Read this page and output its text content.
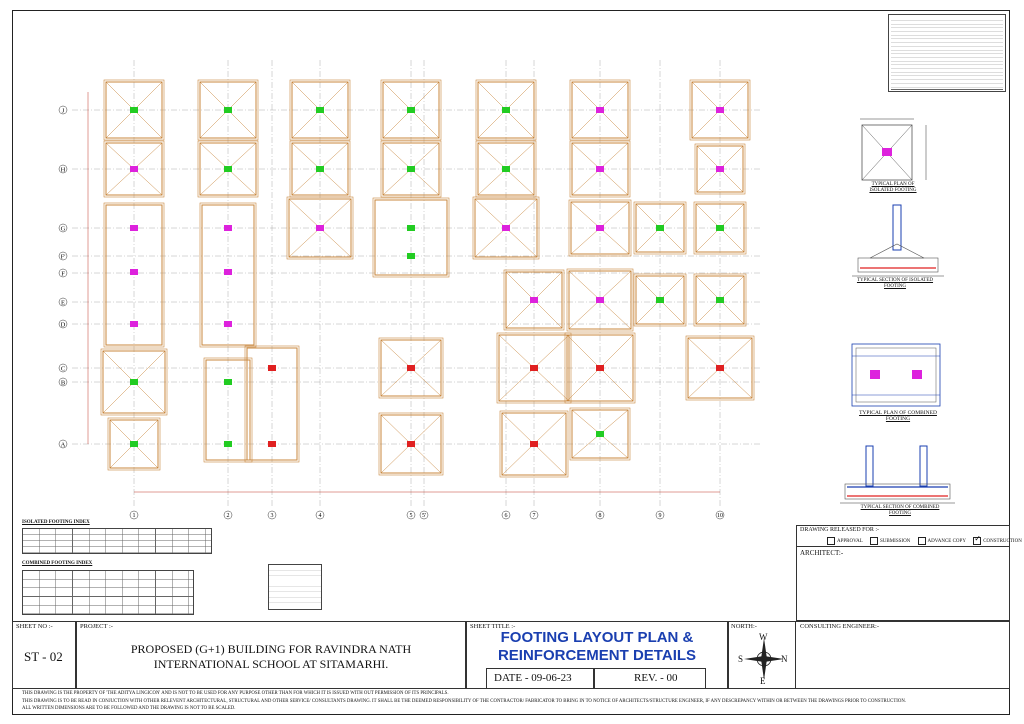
J
H
G
F'
F
E
D
C
B
A
1	2	3	4	5 5'	6	7	8	9	10
TYPICAL PLAN OF ISOLATED FOOTING
TYPICAL SECTION OF ISOLATED FOOTING
TYPICAL PLAN OF COMBINED FOOTING
TYPICAL SECTION OF COMBINED FOOTING
ISOLATED FOOTING INDEX
COMBINED FOOTING INDEX
DRAWING RELEASED FOR :-
APPROVAL	SUBMISSION	ADVANCE COPY ✓ CONSTRUCTION
ARCHITECT:-
SHEET NO :-
ST - 02
PROJECT :-
PROPOSED (G+1) BUILDING FOR RAVINDRA NATH
INTERNATIONAL SCHOOL AT SITAMARHI.
SHEET TITLE :-
FOOTING LAYOUT PLAN &
REINFORCEMENT DETAILS
DATE - 09-06-23	REV. - 00
NORTH:-
W
S	N
E
CONSULTING ENGINEER:-
THIS DRAWING IS THE PROPERTY OF 'THE ADITYA LINGICON' AND IS NOT TO BE USED FOR ANY PURPOSE OTHER THAN FOR WHICH IT IS ISSUED WITH OUT PERMISSION OF ITS PRINCIPALS.
THIS DRAWING IS TO BE READ IN CONJUCTION WITH OTHER RELEVENT ARCHITECTURAL, STRUCTURAL AND OTHER SERVICE/ CONSULTANTS DRAWING. IT SHALL BE THE DEEMED RESPONSIBILITY OF THE CONTRACTOR/ FABRICATOR TO BRING IN TO NOTICE OF ARCHITECTS/STRUCTURE ENGINEER, IF ANY DESCREPANCY WITHIN OR BETWEEN THE DRAWINGS PRIOR TO CONSTRUCTION.
ALL WRITTEN DIMENSIONS ARE TO BE FOLLOWED AND THE DRAWING IS NOT TO BE SCALED.
